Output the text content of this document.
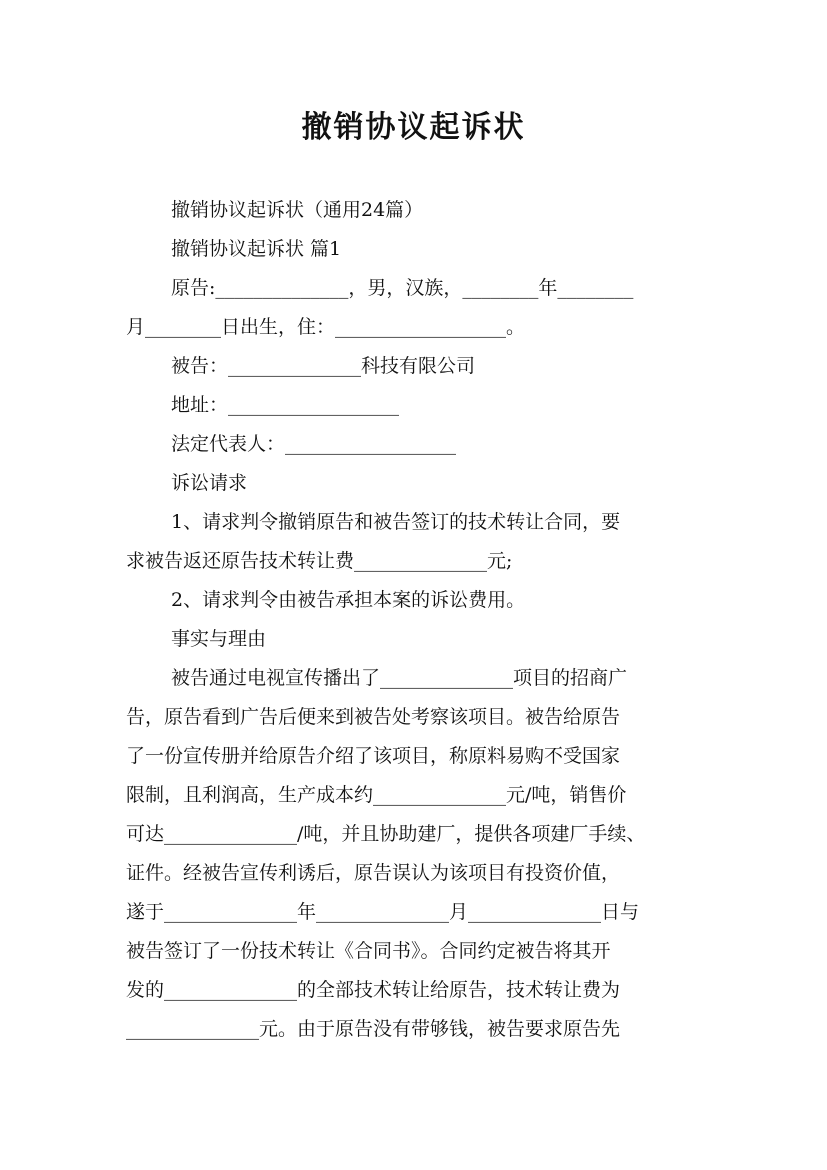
撤销协议起诉状
撤销协议起诉状（通用24篇）
撤销协议起诉状 篇1
原告:______________，男，汉族，________年________
月________日出生，住：__________________。
被告：______________科技有限公司
地址：__________________
法定代表人：__________________
诉讼请求
1、请求判令撤销原告和被告签订的技术转让合同，要
求被告返还原告技术转让费______________元;
2、请求判令由被告承担本案的诉讼费用。
事实与理由
被告通过电视宣传播出了______________项目的招商广
告，原告看到广告后便来到被告处考察该项目。被告给原告
了一份宣传册并给原告介绍了该项目，称原料易购不受国家
限制，且利润高，生产成本约______________元/吨，销售价
可达______________/吨，并且协助建厂，提供各项建厂手续、
证件。经被告宣传利诱后，原告误认为该项目有投资价值，
遂于______________年______________月______________日与
被告签订了一份技术转让《合同书》。合同约定被告将其开
发的______________的全部技术转让给原告，技术转让费为
______________元。由于原告没有带够钱，被告要求原告先
